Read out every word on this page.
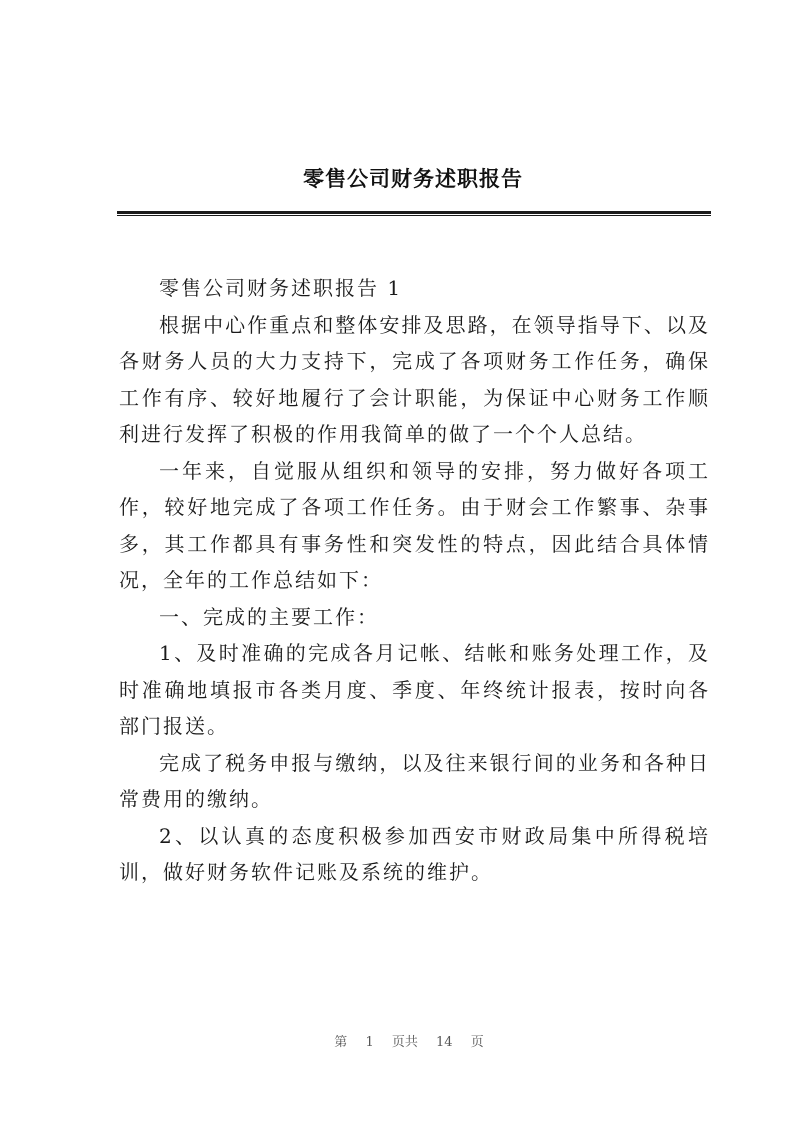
零售公司财务述职报告

零售公司财务述职报告 1

根据中心作重点和整体安排及思路，在领导指导下、以及各财务人员的大力支持下，完成了各项财务工作任务，确保工作有序、较好地履行了会计职能，为保证中心财务工作顺利进行发挥了积极的作用我简单的做了一个个人总结。

一年来，自觉服从组织和领导的安排，努力做好各项工作，较好地完成了各项工作任务。由于财会工作繁事、杂事多，其工作都具有事务性和突发性的特点，因此结合具体情况，全年的工作总结如下：

一、完成的主要工作：

1、及时准确的完成各月记帐、结帐和账务处理工作，及时准确地填报市各类月度、季度、年终统计报表，按时向各部门报送。

完成了税务申报与缴纳，以及往来银行间的业务和各种日常费用的缴纳。

2、以认真的态度积极参加西安市财政局集中所得税培训，做好财务软件记账及系统的维护。

第 1 页共 14 页
